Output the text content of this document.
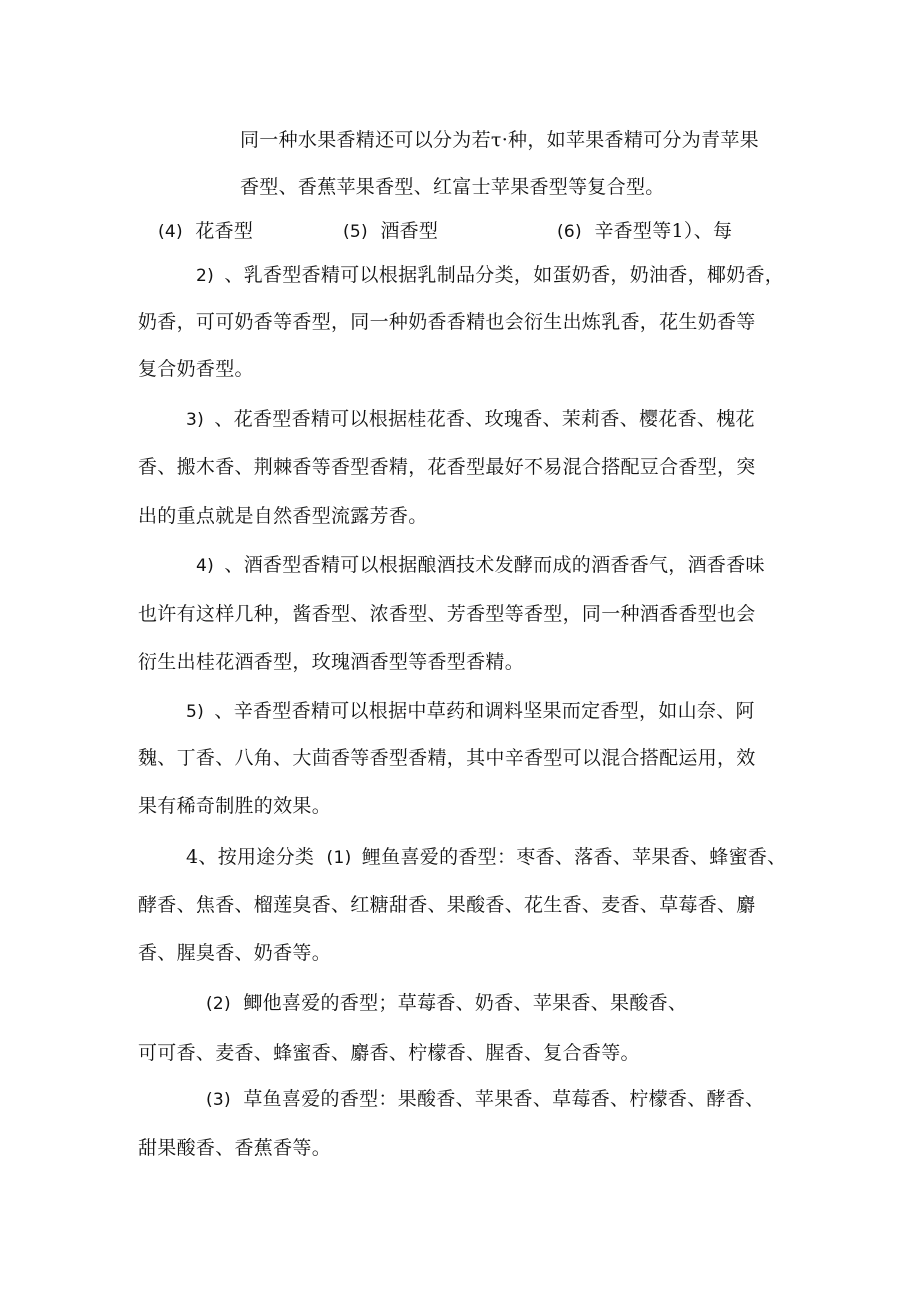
同一种水果香精还可以分为若τ·种，如苹果香精可分为青苹果
香型、香蕉苹果香型、红富士苹果香型等复合型。
(4) 花香型	(5) 酒香型	(6) 辛香型等1）、每
2) 、乳香型香精可以根据乳制品分类，如蛋奶香，奶油香，椰奶香，
奶香，可可奶香等香型，同一种奶香香精也会衍生出炼乳香，花生奶香等
复合奶香型。
3) 、花香型香精可以根据桂花香、玫瑰香、茉莉香、樱花香、槐花
香、搬木香、荆棘香等香型香精，花香型最好不易混合搭配豆合香型，突
出的重点就是自然香型流露芳香。
4) 、酒香型香精可以根据酿酒技术发酵而成的酒香香气，酒香香味
也许有这样几种，酱香型、浓香型、芳香型等香型，同一种酒香香型也会
衍生出桂花酒香型，玫瑰酒香型等香型香精。
5) 、辛香型香精可以根据中草药和调料坚果而定香型，如山奈、阿
魏、丁香、八角、大茴香等香型香精，其中辛香型可以混合搭配运用，效
果有稀奇制胜的效果。
4、按用途分类 (1) 鲤鱼喜爱的香型：枣香、落香、苹果香、蜂蜜香、
酵香、焦香、榴莲臭香、红糖甜香、果酸香、花生香、麦香、草莓香、麝
香、腥臭香、奶香等。
(2) 鲫他喜爱的香型；草莓香、奶香、苹果香、果酸香、
可可香、麦香、蜂蜜香、麝香、柠檬香、腥香、复合香等。
(3) 草鱼喜爱的香型：果酸香、苹果香、草莓香、柠檬香、酵香、
甜果酸香、香蕉香等。
